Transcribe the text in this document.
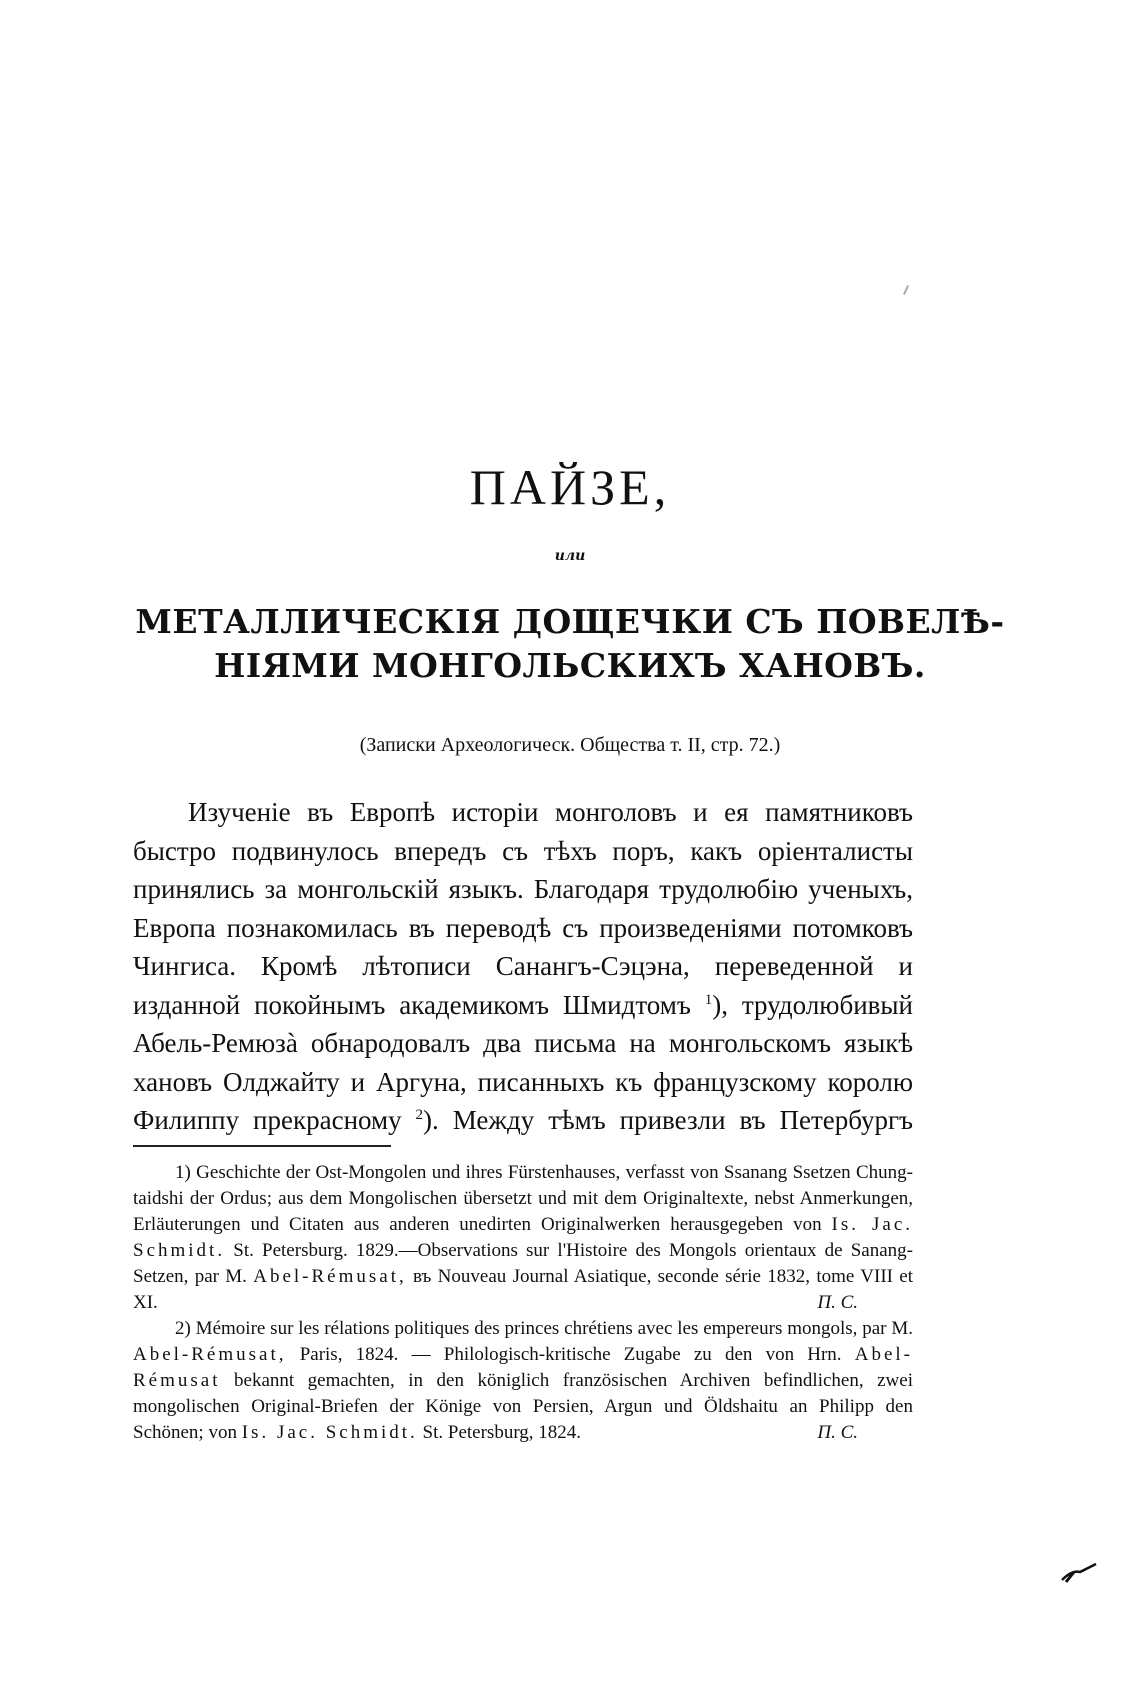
ПАЙЗЕ,
или
МЕТАЛЛИЧЕСКІЯ ДОЩЕЧКИ СЪ ПОВЕЛѢ-
НІЯМИ МОНГОЛЬСКИХЪ ХАНОВЪ.
(Записки Археологическ. Общества т. II, стр. 72.)

Изученіе въ Европѣ исторіи монголовъ и ея памятниковъ быстро подвинулось впередъ съ тѣхъ поръ, какъ оріенталисты принялись за монгольскій языкъ. Благодаря трудолюбію ученыхъ, Европа познакомилась въ переводѣ съ произведеніями потомковъ Чингиса. Кромѣ лѣтописи Санангъ-Сэцэна, переведенной и изданной покойнымъ академикомъ Шмидтомъ $^1$), трудолюбивый Абель-Ремюзà обнародовалъ два письма на монгольскомъ языкѣ хановъ Олджайту и Аргуна, писанныхъ къ французскому королю Филиппу прекрасному $^2$). Между тѣмъ привезли въ Петербургъ

1) Geschichte der Ost-Mongolen und ihres Fürstenhauses, verfasst von Ssanang Ssetzen Chung-taidshi der Ordus; aus dem Mongolischen übersetzt und mit dem Originaltexte, nebst Anmerkungen, Erläuterungen und Citaten aus anderen unedirten Originalwerken herausgegeben von Is. Jac. Schmidt. St. Petersburg. 1829.—Observations sur l'Histoire des Mongols orientaux de Sanang-Setzen, par M. Abel-Rémusat, въ Nouveau Journal Asiatique, seconde série 1832, tome VIII et XI.	П. С.

2) Mémoire sur les rélations politiques des princes chrétiens avec les empereurs mongols, par M. Abel-Rémusat, Paris, 1824. — Philologisch-kritische Zugabe zu den von Hrn. Abel-Rémusat bekannt gemachten, in den königlich französischen Archiven befindlichen, zwei mongolischen Original-Briefen der Könige von Persien, Argun und Öldshaitu an Philipp den Schönen; von Is. Jac. Schmidt. St. Petersburg, 1824.	П. С.
